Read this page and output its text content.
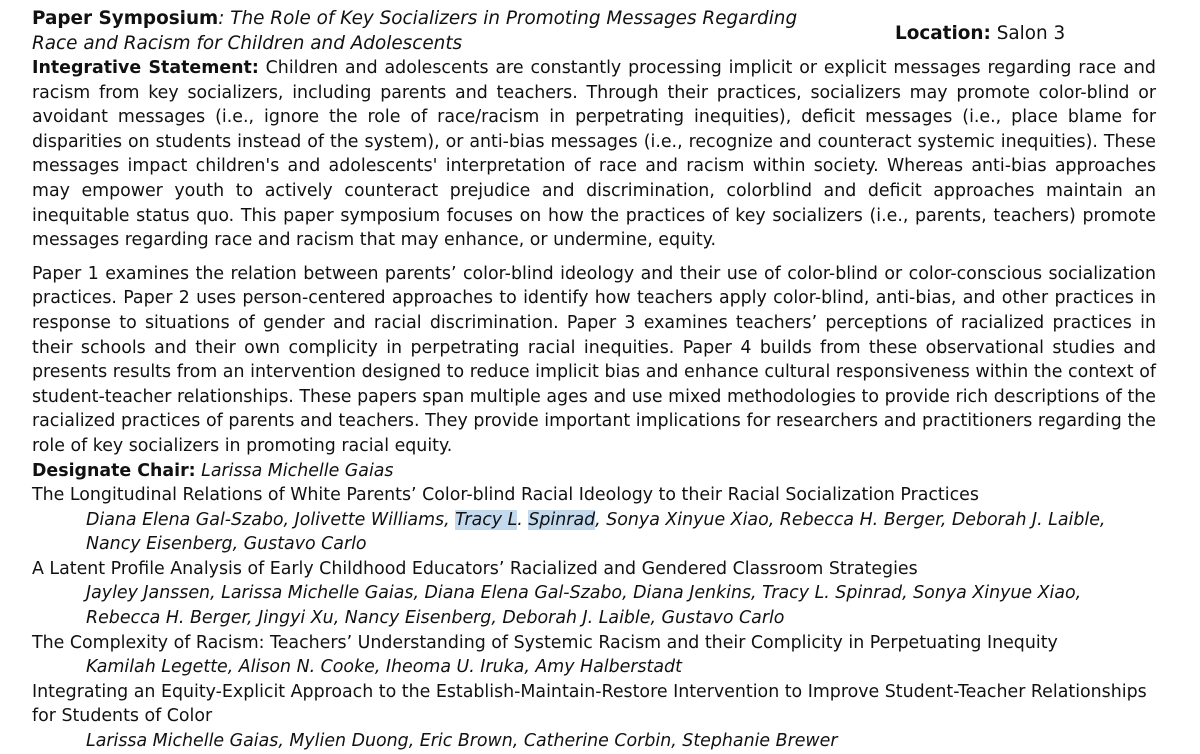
Paper Symposium: The Role of Key Socializers in Promoting Messages Regarding Race and Racism for Children and Adolescents	Location: Salon 3

Integrative Statement: Children and adolescents are constantly processing implicit or explicit messages regarding race and racism from key socializers, including parents and teachers. Through their practices, socializers may promote color-blind or avoidant messages (i.e., ignore the role of race/racism in perpetrating inequities), deficit messages (i.e., place blame for disparities on students instead of the system), or anti-bias messages (i.e., recognize and counteract systemic inequities). These messages impact children's and adolescents' interpretation of race and racism within society. Whereas anti-bias approaches may empower youth to actively counteract prejudice and discrimination, colorblind and deficit approaches maintain an inequitable status quo. This paper symposium focuses on how the practices of key socializers (i.e., parents, teachers) promote messages regarding race and racism that may enhance, or undermine, equity.

Paper 1 examines the relation between parents’ color-blind ideology and their use of color-blind or color-conscious socialization practices. Paper 2 uses person-centered approaches to identify how teachers apply color-blind, anti-bias, and other practices in response to situations of gender and racial discrimination. Paper 3 examines teachers’ perceptions of racialized practices in their schools and their own complicity in perpetrating racial inequities. Paper 4 builds from these observational studies and presents results from an intervention designed to reduce implicit bias and enhance cultural responsiveness within the context of student-teacher relationships. These papers span multiple ages and use mixed methodologies to provide rich descriptions of the racialized practices of parents and teachers. They provide important implications for researchers and practitioners regarding the role of key socializers in promoting racial equity.

Designate Chair: Larissa Michelle Gaias

The Longitudinal Relations of White Parents’ Color-blind Racial Ideology to their Racial Socialization Practices

Diana Elena Gal-Szabo, Jolivette Williams, Tracy L. Spinrad, Sonya Xinyue Xiao, Rebecca H. Berger, Deborah J. Laible, Nancy Eisenberg, Gustavo Carlo

A Latent Profile Analysis of Early Childhood Educators’ Racialized and Gendered Classroom Strategies

Jayley Janssen, Larissa Michelle Gaias, Diana Elena Gal-Szabo, Diana Jenkins, Tracy L. Spinrad, Sonya Xinyue Xiao, Rebecca H. Berger, Jingyi Xu, Nancy Eisenberg, Deborah J. Laible, Gustavo Carlo

The Complexity of Racism: Teachers’ Understanding of Systemic Racism and their Complicity in Perpetuating Inequity

Kamilah Legette, Alison N. Cooke, Iheoma U. Iruka, Amy Halberstadt

Integrating an Equity-Explicit Approach to the Establish-Maintain-Restore Intervention to Improve Student-Teacher Relationships for Students of Color

Larissa Michelle Gaias, Mylien Duong, Eric Brown, Catherine Corbin, Stephanie Brewer
